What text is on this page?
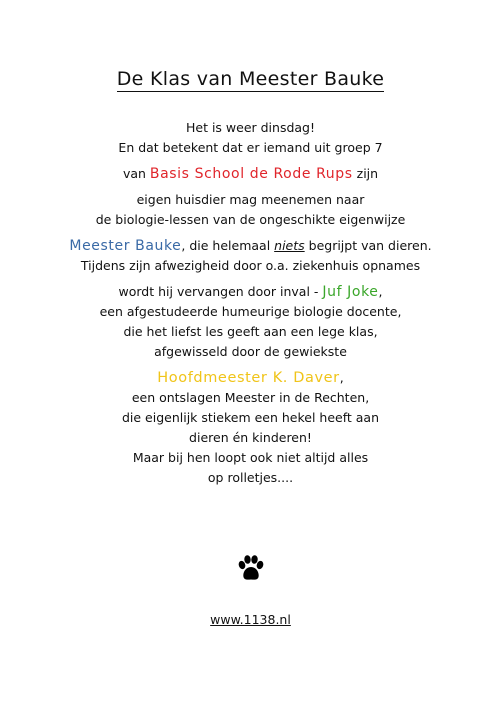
De Klas van Meester Bauke
Het is weer dinsdag!
En dat betekent dat er iemand uit groep 7
van Basis School de Rode Rups zijn
eigen huisdier mag meenemen naar
de biologie-lessen van de ongeschikte eigenwijze
Meester Bauke, die helemaal niets begrijpt van dieren.
Tijdens zijn afwezigheid door o.a. ziekenhuis opnames
wordt hij vervangen door inval - Juf Joke,
een afgestudeerde humeurige biologie docente,
die het liefst les geeft aan een lege klas,
afgewisseld door de gewiekste
Hoofdmeester K. Daver,
een ontslagen Meester in de Rechten,
die eigenlijk stiekem een hekel heeft aan
dieren én kinderen!
Maar bij hen loopt ook niet altijd alles
op rolletjes....
www.1138.nl
